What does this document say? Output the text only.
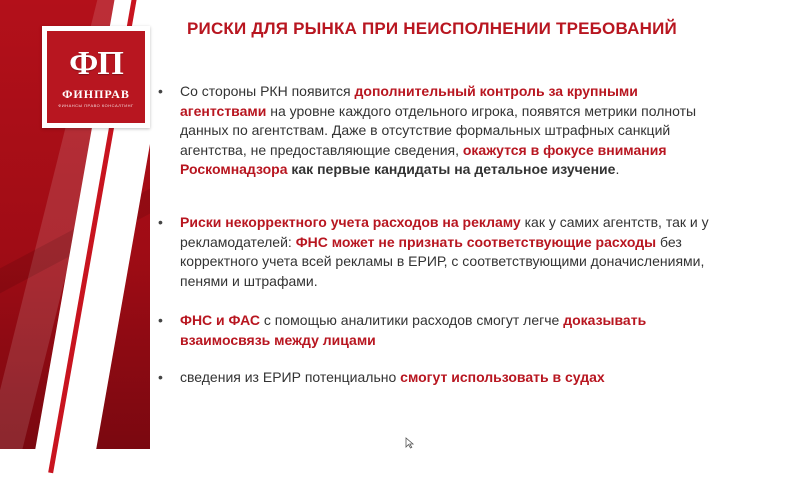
ФП
ФИНПРАВ
ФИНАНСЫ ПРАВО КОНСАЛТИНГ
РИСКИ ДЛЯ РЫНКА ПРИ НЕИСПОЛНЕНИИ ТРЕБОВАНИЙ
• Со стороны РКН появится дополнительный контроль за крупными агентствами на уровне каждого отдельного игрока, появятся метрики полноты данных по агентствам. Даже в отсутствие формальных штрафных санкций агентства, не предоставляющие сведения, окажутся в фокусе внимания Роскомнадзора как первые кандидаты на детальное изучение.
• Риски некорректного учета расходов на рекламу как у самих агентств, так и у рекламодателей: ФНС может не признать соответствующие расходы без корректного учета всей рекламы в ЕРИР, с соответствующими доначислениями, пенями и штрафами.
• ФНС и ФАС с помощью аналитики расходов смогут легче доказывать взаимосвязь между лицами
• сведения из ЕРИР потенциально смогут использовать в судах
